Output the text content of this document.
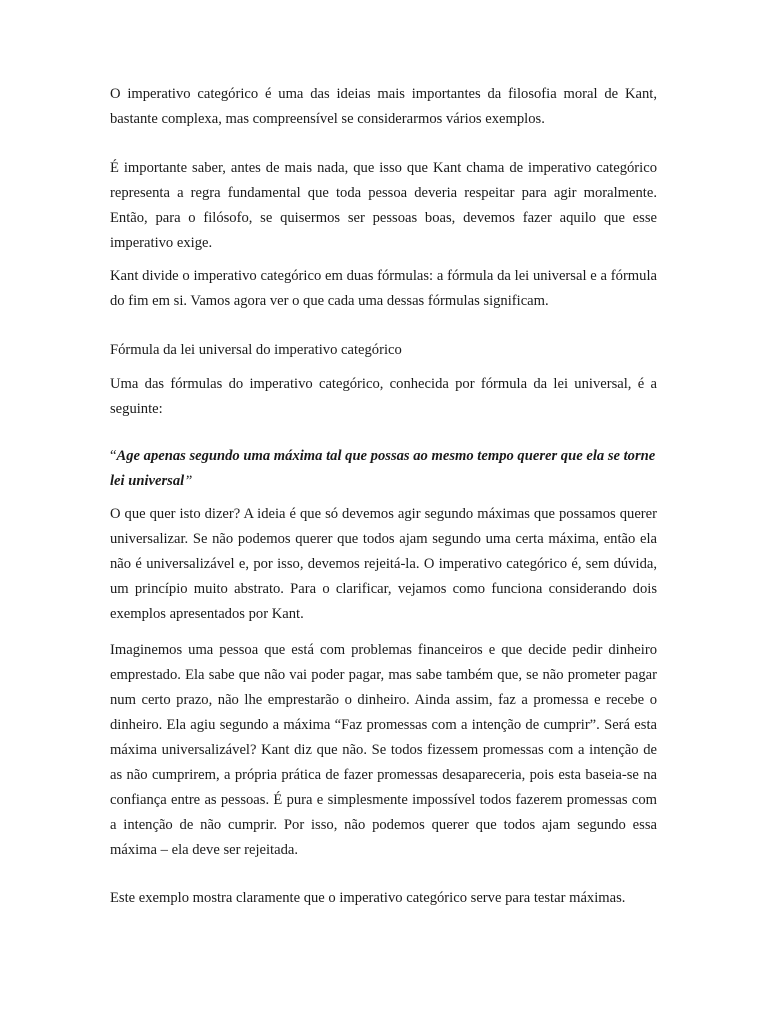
O imperativo categórico é uma das ideias mais importantes da filosofia moral de Kant, bastante complexa, mas compreensível se considerarmos vários exemplos.

É importante saber, antes de mais nada, que isso que Kant chama de imperativo categórico representa a regra fundamental que toda pessoa deveria respeitar para agir moralmente. Então, para o filósofo, se quisermos ser pessoas boas, devemos fazer aquilo que esse imperativo exige.

Kant divide o imperativo categórico em duas fórmulas: a fórmula da lei universal e a fórmula do fim em si. Vamos agora ver o que cada uma dessas fórmulas significam.

Fórmula da lei universal do imperativo categórico

Uma das fórmulas do imperativo categórico, conhecida por fórmula da lei universal, é a seguinte:

“Age apenas segundo uma máxima tal que possas ao mesmo tempo querer que ela se torne lei universal”

O que quer isto dizer? A ideia é que só devemos agir segundo máximas que possamos querer universalizar. Se não podemos querer que todos ajam segundo uma certa máxima, então ela não é universalizável e, por isso, devemos rejeitá-la. O imperativo categórico é, sem dúvida, um princípio muito abstrato. Para o clarificar, vejamos como funciona considerando dois exemplos apresentados por Kant.

Imaginemos uma pessoa que está com problemas financeiros e que decide pedir dinheiro emprestado. Ela sabe que não vai poder pagar, mas sabe também que, se não prometer pagar num certo prazo, não lhe emprestarão o dinheiro. Ainda assim, faz a promessa e recebe o dinheiro. Ela agiu segundo a máxima “Faz promessas com a intenção de cumprir”. Será esta máxima universalizável? Kant diz que não. Se todos fizessem promessas com a intenção de as não cumprirem, a própria prática de fazer promessas desapareceria, pois esta baseia-se na confiança entre as pessoas. É pura e simplesmente impossível todos fazerem promessas com a intenção de não cumprir. Por isso, não podemos querer que todos ajam segundo essa máxima – ela deve ser rejeitada.

Este exemplo mostra claramente que o imperativo categórico serve para testar máximas.
